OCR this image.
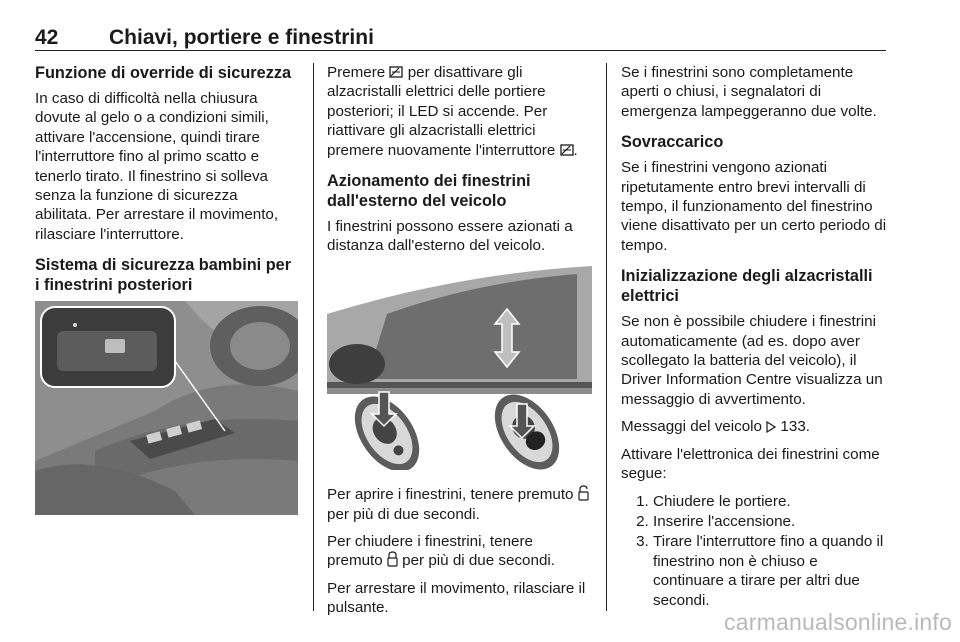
42 Chiavi, portiere e finestrini
Funzione di override di sicurezza

In caso di difficoltà nella chiusura dovute al gelo o a condizioni simili, attivare l'accensione, quindi tirare l'interruttore fino al primo scatto e tenerlo tirato. Il finestrino si solleva senza la funzione di sicurezza abilitata. Per arrestare il movimento, rilasciare l'interruttore.

Sistema di sicurezza bambini per i finestrini posteriori

Premere  per disattivare gli alzacristalli elettrici delle portiere posteriori; il LED si accende. Per riattivare gli alzacristalli elettrici premere nuovamente l'interruttore .

Azionamento dei finestrini dall'esterno del veicolo

I finestrini possono essere azionati a distanza dall'esterno del veicolo.

Per aprire i finestrini, tenere premuto  per più di due secondi.

Per chiudere i finestrini, tenere premuto  per più di due secondi.

Per arrestare il movimento, rilasciare il pulsante.

Se i finestrini sono completamente aperti o chiusi, i segnalatori di emergenza lampeggeranno due volte.

Sovraccarico

Se i finestrini vengono azionati ripetutamente entro brevi intervalli di tempo, il funzionamento del finestrino viene disattivato per un certo periodo di tempo.

Inizializzazione degli alzacristalli elettrici

Se non è possibile chiudere i finestrini automaticamente (ad es. dopo aver scollegato la batteria del veicolo), il Driver Information Centre visualizza un messaggio di avvertimento.

Messaggi del veicolo  133.

Attivare l'elettronica dei finestrini come segue:

1. Chiudere le portiere.
2. Inserire l'accensione.
3. Tirare l'interruttore fino a quando il finestrino non è chiuso e continuare a tirare per altri due secondi.
carmanualsonline.info
